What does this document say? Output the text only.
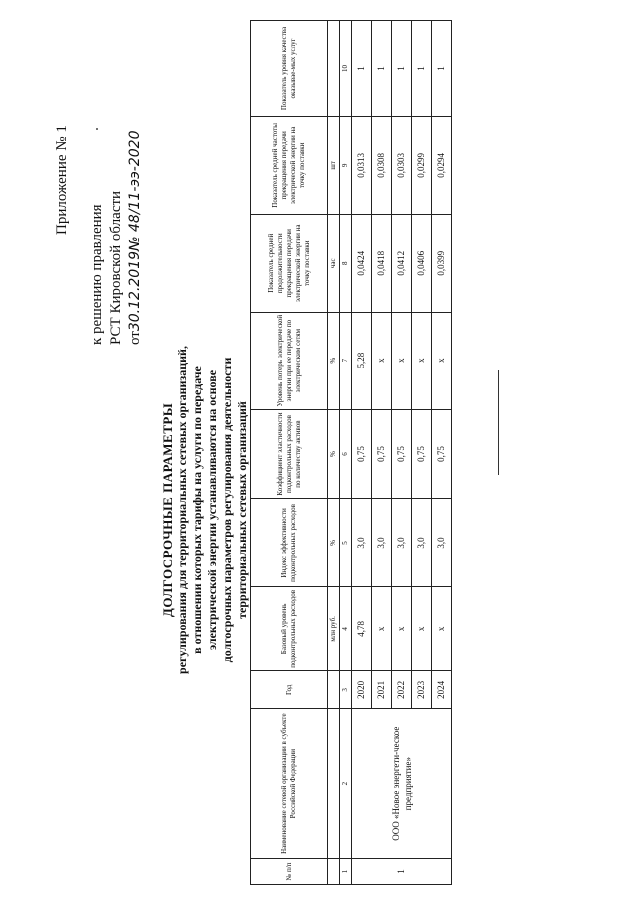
Приложение № 1
к решению правления РСТ Кировской области от30.12.2019№ 48/11-ээ-2020
ДОЛГОСРОЧНЫЕ ПАРАМЕТРЫ регулирования для территориальных сетевых организаций, в отношении которых тарифы на услуги по передаче электрической энергии устанавливаются на основе долгосрочных параметров регулирования деятельности территориальных сетевых организаций
№ п/п	Наименование сетевой организации в субъекте Российской Федерации	Год	Базовый уровень подконтрольных расходов	Индекс эффективности подконтрольных расходов	Коэффициент эластичности подконтрольных расходов по количеству активов	Уровень потерь электрической энергии при ее передаче по электрическим сетям	Показатель средней продолжительности прекращения передачи электрической энергии на точку поставки	Показатель средней частоты прекращения передачи электрической энергии на точку поставки	Показатель уровня качества оказывае-мых услуг
			млн руб.	%	%	%	час	шт	
1	2	3	4	5	6	7	8	9	10
1	ООО «Новое энергети-ческое предприятие»	2020	4,78	3,0	0,75	5,28	0,0424	0,0313	1
		2021	х	3,0	0,75	х	0,0418	0,0308	1
		2022	х	3,0	0,75	х	0,0412	0,0303	1
		2023	х	3,0	0,75	х	0,0406	0,0299	1
		2024	х	3,0	0,75	х	0,0399	0,0294	1
